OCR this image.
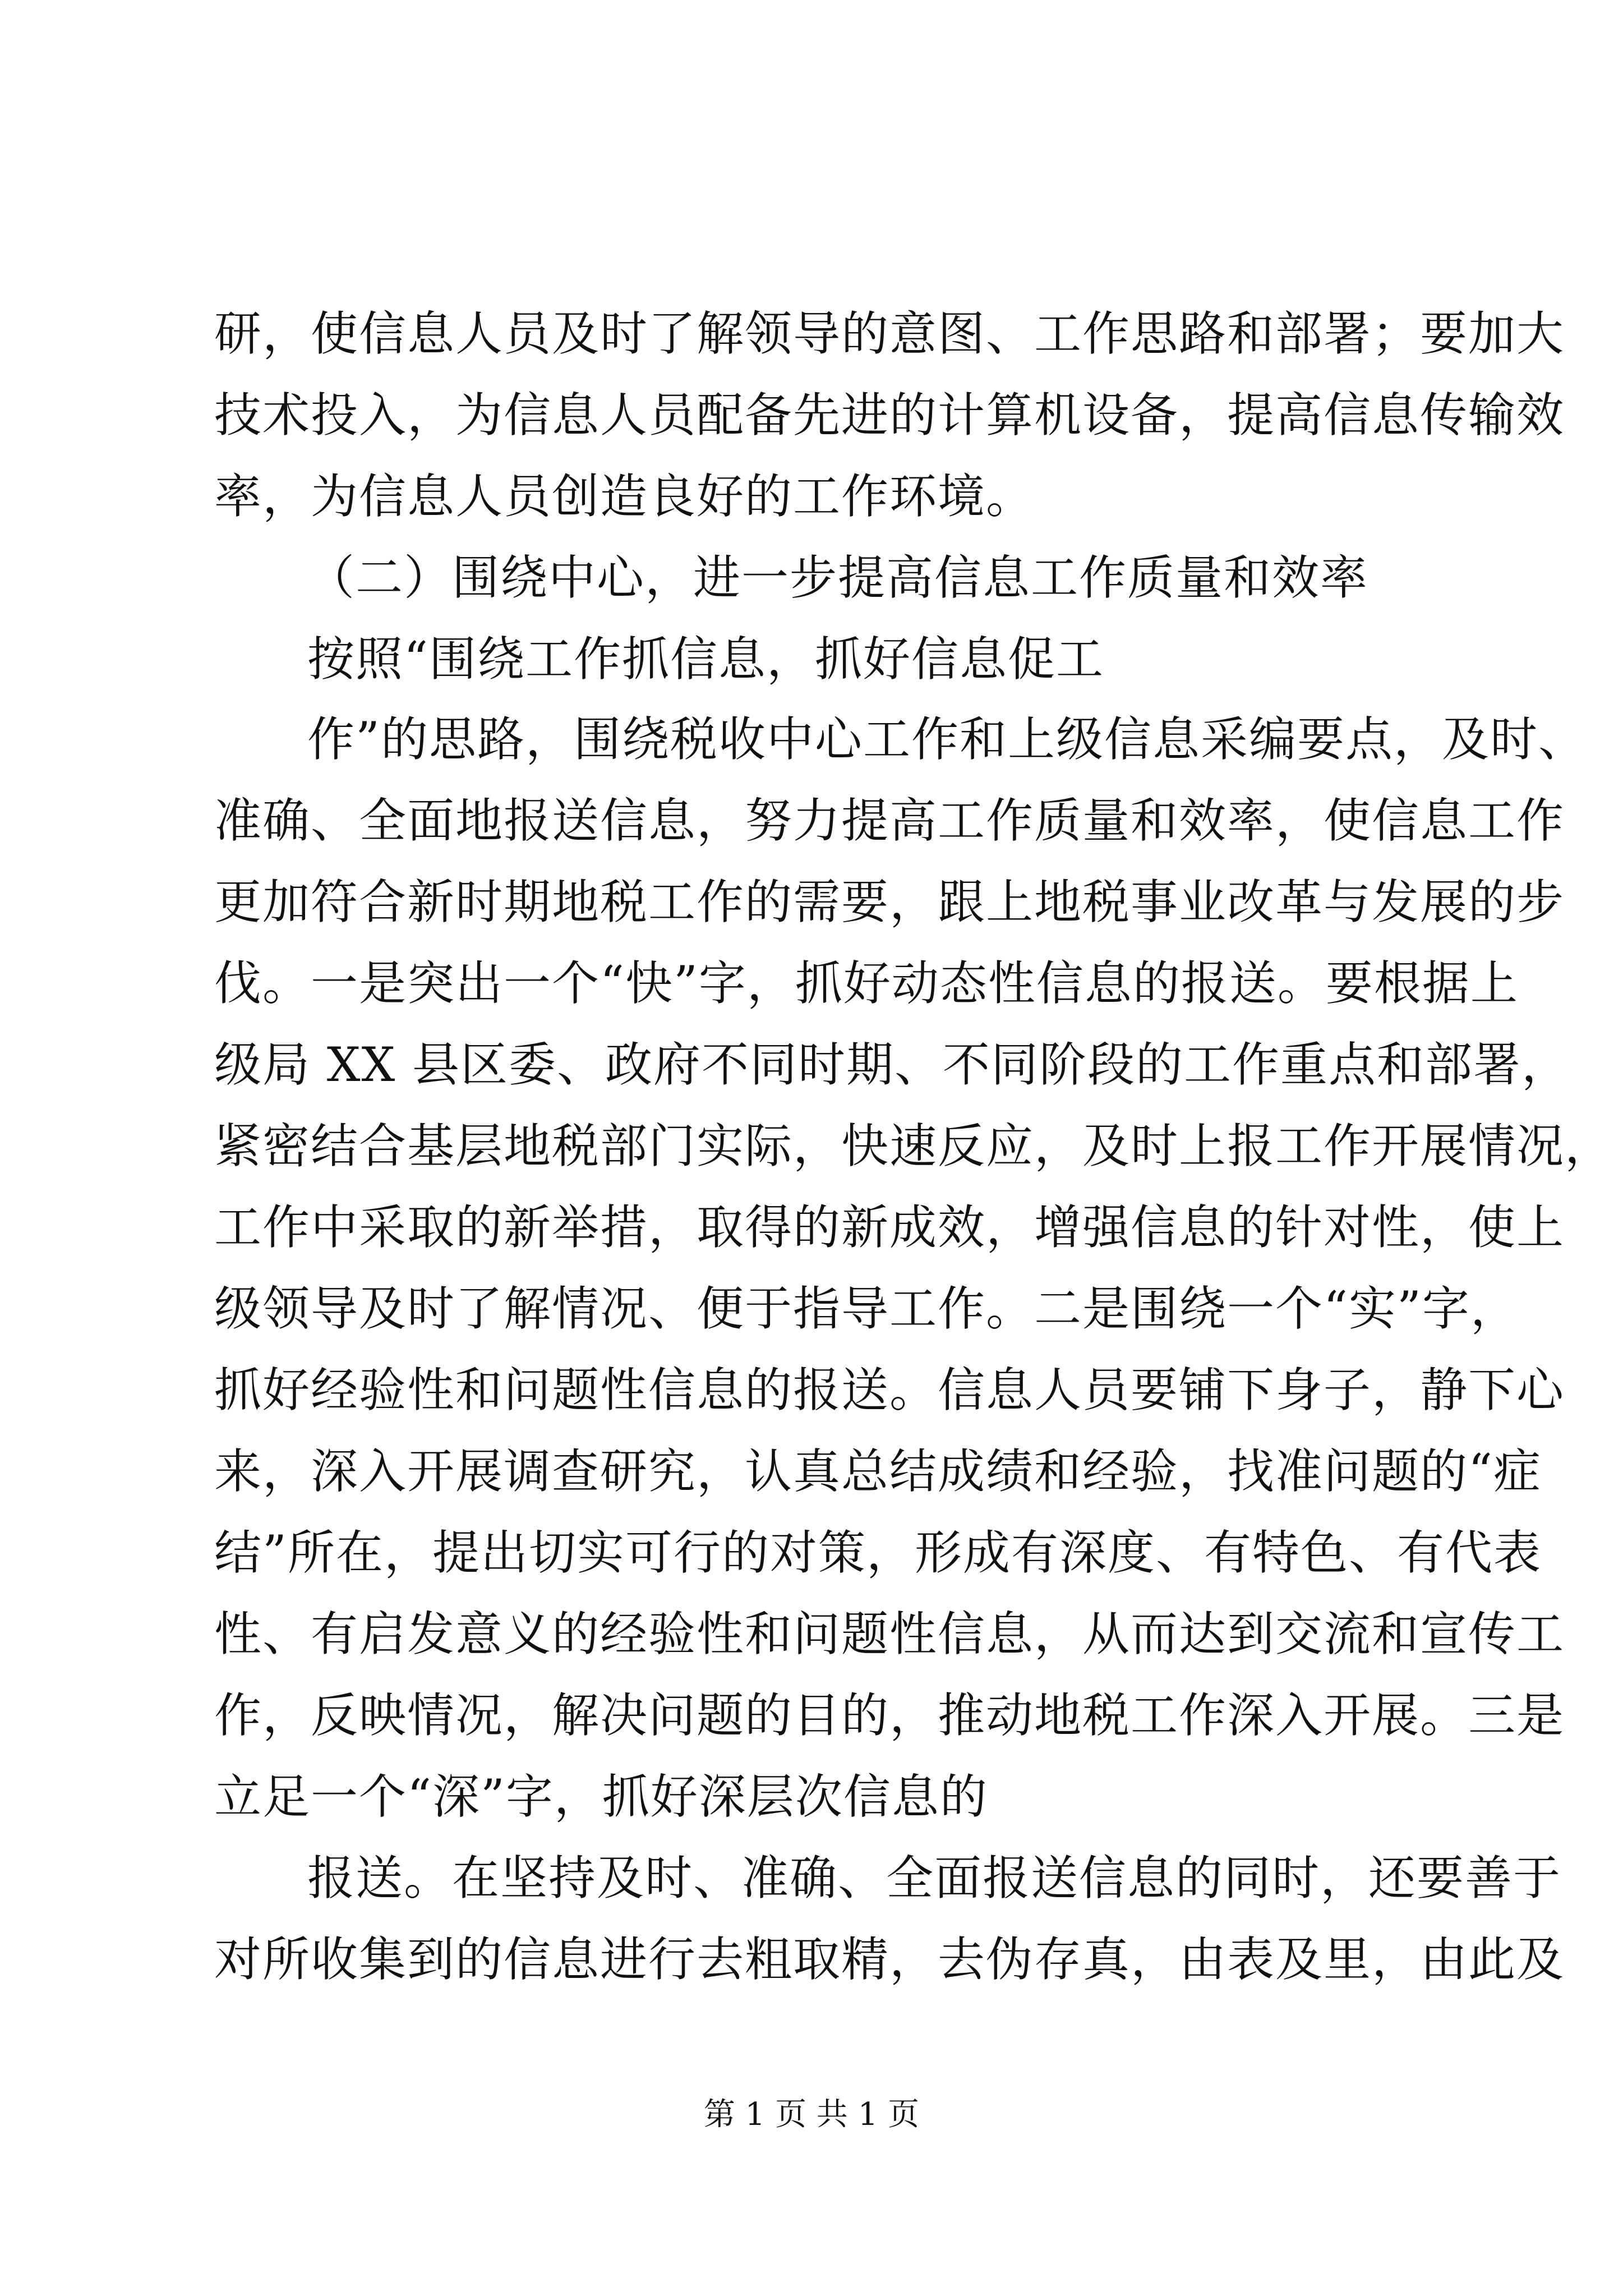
研，使信息人员及时了解领导的意图、工作思路和部署；要加大
技术投入，为信息人员配备先进的计算机设备，提高信息传输效
率，为信息人员创造良好的工作环境。
（二）围绕中心，进一步提高信息工作质量和效率
按照“围绕工作抓信息，抓好信息促工
作”的思路，围绕税收中心工作和上级信息采编要点，及时、
准确、全面地报送信息，努力提高工作质量和效率，使信息工作
更加符合新时期地税工作的需要，跟上地税事业改革与发展的步
伐。一是突出一个“快”字，抓好动态性信息的报送。要根据上
级局 XX 县区委、政府不同时期、不同阶段的工作重点和部署，
紧密结合基层地税部门实际，快速反应，及时上报工作开展情况，
工作中采取的新举措，取得的新成效，增强信息的针对性，使上
级领导及时了解情况、便于指导工作。二是围绕一个“实”字，
抓好经验性和问题性信息的报送。信息人员要铺下身子，静下心
来，深入开展调查研究，认真总结成绩和经验，找准问题的“症
结”所在，提出切实可行的对策，形成有深度、有特色、有代表
性、有启发意义的经验性和问题性信息，从而达到交流和宣传工
作，反映情况，解决问题的目的，推动地税工作深入开展。三是
立足一个“深”字，抓好深层次信息的
报送。在坚持及时、准确、全面报送信息的同时，还要善于
对所收集到的信息进行去粗取精，去伪存真，由表及里，由此及
第 1 页 共 1 页
